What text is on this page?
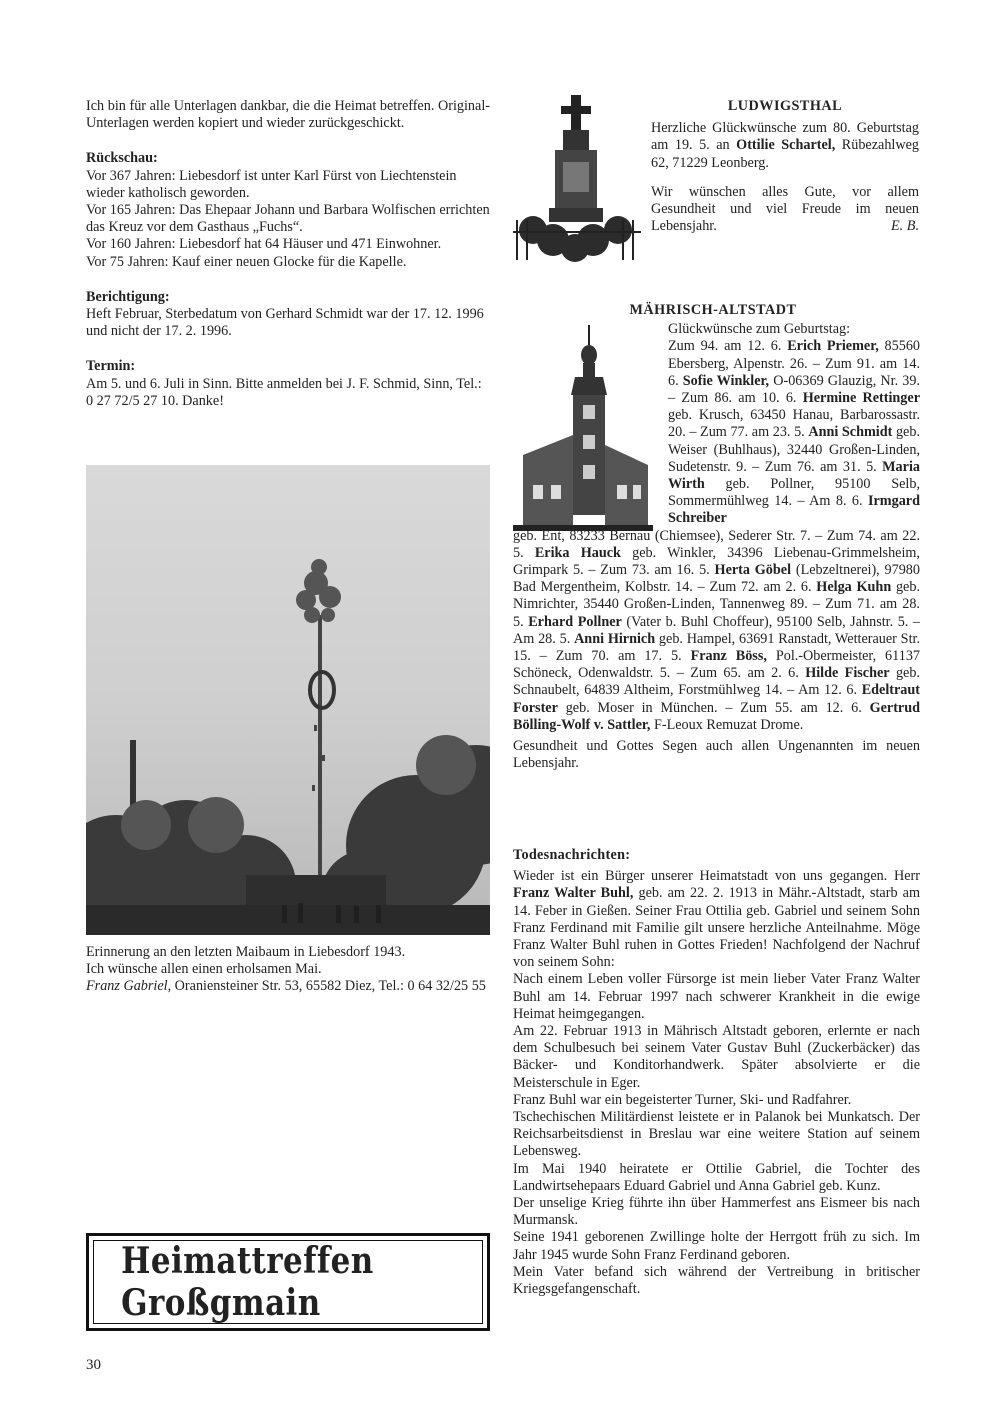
Ich bin für alle Unterlagen dankbar, die die Heimat betreffen. Original-Unterlagen werden kopiert und wieder zurückgeschickt.

Rückschau:

Vor 367 Jahren: Liebesdorf ist unter Karl Fürst von Liechtenstein wieder katholisch geworden.

Vor 165 Jahren: Das Ehepaar Johann und Barbara Wolfischen errichten das Kreuz vor dem Gasthaus „Fuchs“.

Vor 160 Jahren: Liebesdorf hat 64 Häuser und 471 Einwohner.

Vor 75 Jahren: Kauf einer neuen Glocke für die Kapelle.

Berichtigung:

Heft Februar, Sterbedatum von Gerhard Schmidt war der 17. 12. 1996 und nicht der 17. 2. 1996.

Termin:

Am 5. und 6. Juli in Sinn. Bitte anmelden bei J. F. Schmid, Sinn, Tel.: 0 27 72/5 27 10. Danke!

Erinnerung an den letzten Maibaum in Liebesdorf 1943.

Ich wünsche allen einen erholsamen Mai.

Franz Gabriel, Oraniensteiner Str. 53, 65582 Diez, Tel.: 0 64 32/25 55

Heimattreffen Großgmain
30

LUDWIGSTHAL

Herzliche Glückwünsche zum 80. Geburtstag am 19. 5. an Ottilie Schartel, Rübezahlweg 62, 71229 Leonberg.

Wir wünschen alles Gute, vor allem Gesundheit und viel Freude im neuen Lebensjahr.	E. B.

MÄHRISCH-ALTSTADT

Glückwünsche zum Geburtstag:

Zum 94. am 12. 6. Erich Priemer, 85560 Ebersberg, Alpenstr. 26. – Zum 91. am 14. 6. Sofie Winkler, O-06369 Glauzig, Nr. 39. – Zum 86. am 10. 6. Hermine Rettinger geb. Krusch, 63450 Hanau, Barbarossastr. 20. – Zum 77. am 23. 5. Anni Schmidt geb. Weiser (Buhlhaus), 32440 Großen-Linden, Sudetenstr. 9. – Zum 76. am 31. 5. Maria Wirth geb. Pollner, 95100 Selb, Sommermühlweg 14. – Am 8. 6. Irmgard Schreiber

geb. Ent, 83233 Bernau (Chiemsee), Sederer Str. 7. – Zum 74. am 22. 5. Erika Hauck geb. Winkler, 34396 Liebenau-Grimmelsheim, Grimpark 5. – Zum 73. am 16. 5. Herta Göbel (Lebzeltnerei), 97980 Bad Mergentheim, Kolbstr. 14. – Zum 72. am 2. 6. Helga Kuhn geb. Nimrichter, 35440 Großen-Linden, Tannenweg 89. – Zum 71. am 28. 5. Erhard Pollner (Vater b. Buhl Choffeur), 95100 Selb, Jahnstr. 5. – Am 28. 5. Anni Hirnich geb. Hampel, 63691 Ranstadt, Wetterauer Str. 15. – Zum 70. am 17. 5. Franz Böss, Pol.-Obermeister, 61137 Schöneck, Odenwaldstr. 5. – Zum 65. am 2. 6. Hilde Fischer geb. Schnaubelt, 64839 Altheim, Forstmühlweg 14. – Am 12. 6. Edeltraut Forster geb. Moser in München. – Zum 55. am 12. 6. Gertrud Bölling-Wolf v. Sattler, F-Leoux Remuzat Drome.

Gesundheit und Gottes Segen auch allen Ungenannten im neuen Lebensjahr.

Todesnachrichten:

Wieder ist ein Bürger unserer Heimatstadt von uns gegangen. Herr Franz Walter Buhl, geb. am 22. 2. 1913 in Mähr.-Altstadt, starb am 14. Feber in Gießen. Seiner Frau Ottilia geb. Gabriel und seinem Sohn Franz Ferdinand mit Familie gilt unsere herzliche Anteilnahme. Möge Franz Walter Buhl ruhen in Gottes Frieden! Nachfolgend der Nachruf von seinem Sohn:

Nach einem Leben voller Fürsorge ist mein lieber Vater Franz Walter Buhl am 14. Februar 1997 nach schwerer Krankheit in die ewige Heimat heimgegangen.

Am 22. Februar 1913 in Mährisch Altstadt geboren, erlernte er nach dem Schulbesuch bei seinem Vater Gustav Buhl (Zuckerbäcker) das Bäcker- und Konditorhandwerk. Später absolvierte er die Meisterschule in Eger.

Franz Buhl war ein begeisterter Turner, Ski- und Radfahrer.

Tschechischen Militärdienst leistete er in Palanok bei Munkatsch. Der Reichsarbeitsdienst in Breslau war eine weitere Station auf seinem Lebensweg.

Im Mai 1940 heiratete er Ottilie Gabriel, die Tochter des Landwirtsehepaars Eduard Gabriel und Anna Gabriel geb. Kunz.

Der unselige Krieg führte ihn über Hammerfest ans Eismeer bis nach Murmansk.

Seine 1941 geborenen Zwillinge holte der Herrgott früh zu sich. Im Jahr 1945 wurde Sohn Franz Ferdinand geboren.

Mein Vater befand sich während der Vertreibung in britischer Kriegsgefangenschaft.
